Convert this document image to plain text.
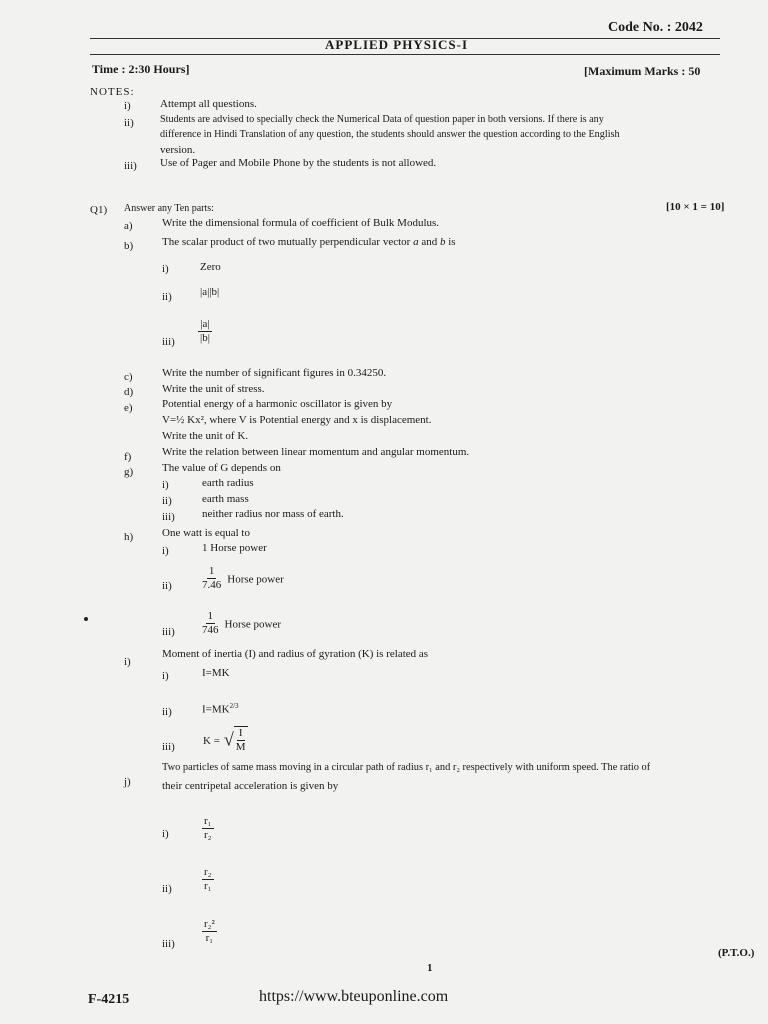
Code No. : 2042
APPLIED PHYSICS-I
Time : 2:30 Hours]	[Maximum Marks : 50
NOTES:
i)	Attempt all questions.
ii)	Students are advised to specially check the Numerical Data of question paper in both versions. If there is any
difference in Hindi Translation of any question, the students should answer the question according to the English
version.
iii) Use of Pager and Mobile Phone by the students is not allowed.
Q1) Answer any Ten parts:	[10 × 1 = 10]
a)	Write the dimensional formula of coefficient of Bulk Modulus.
b)	The scalar product of two mutually perpendicular vector a and b is
i)	Zero
ii)	|a||b|
$iii) \frac{|a|}{|b|}$
c)	Write the number of significant figures in 0.34250.
d)	Write the unit of stress.
e)	Potential energy of a harmonic oscillator is given by
V=½ Kx², where V is Potential energy and x is displacement.
Write the unit of K.
f)	Write the relation between linear momentum and angular momentum.
g)	The value of G depends on
i)	earth radius
ii)	earth mass
iii) neither radius nor mass of earth.
h)	One watt is equal to
i)	1 Horse power
ii)	$\frac{1}{7.46}$ Horse power
$iii) \frac{1}{746}$ Horse power
i)
Moment of inertia (I) and radius of gyration (K) is related as
i)	I=MK
ii)	$I=MK^{2/3}$
iii)
K = √ $\frac{I}{M}$
j)
Two particles of same mass moving in a circular path of radius r₁ and r₂ respectively with uniform speed. The ratio of
their centripetal acceleration is given by
i)	$\frac{\text{r₁}}{\text{r₂}}$
ii)	$\frac{\text{r₂}}{\text{r₁}}$
$iii) \frac{\text{r₂²}}{\text{r₁}}$
(P.T.O.)
1
F-4215	https://www.bteuponline.com
